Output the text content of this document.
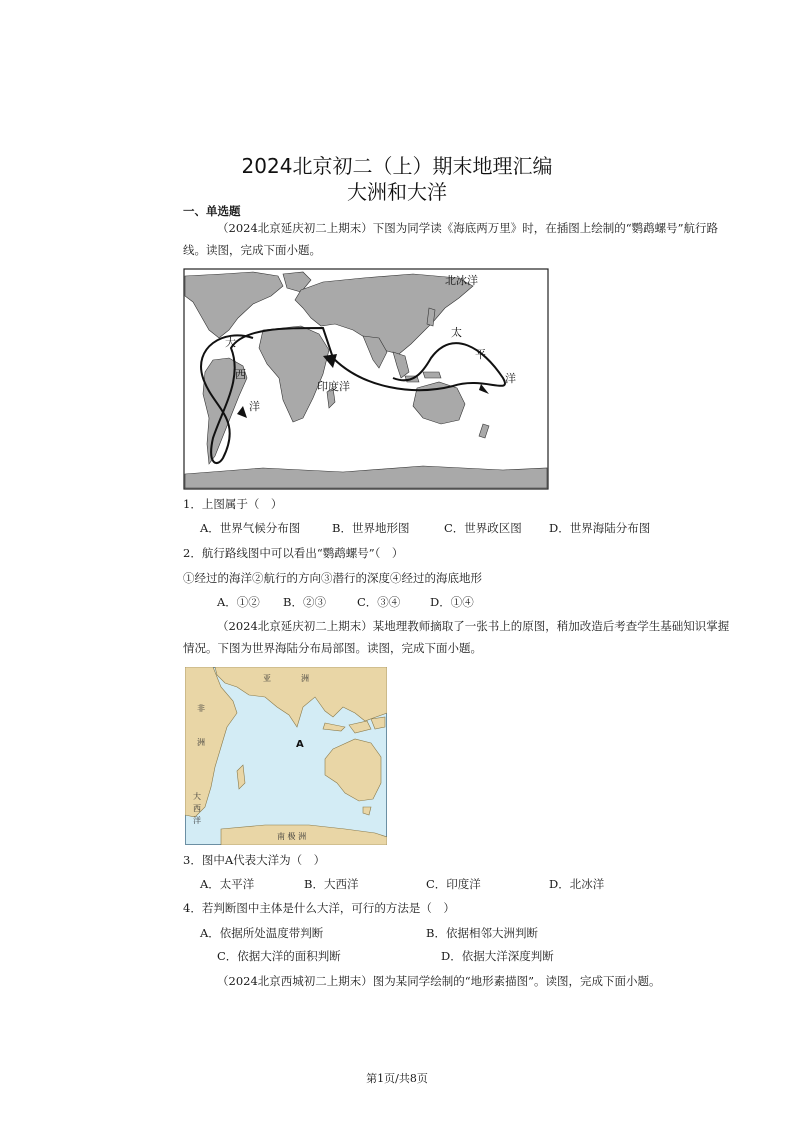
2024北京初二（上）期末地理汇编
大洲和大洋
一、单选题
（2024北京延庆初二上期末）下图为同学读《海底两万里》时，在插图上绘制的“鹦鹉螺号”航行路
线。读图，完成下面小题。
北冰洋
大
西
洋
太
平
洋
印度洋
1．上图属于（　）
A．世界气候分布图	B．世界地形图	C．世界政区图 D．世界海陆分布图
2．航行路线图中可以看出“鹦鹉螺号”（　）
①经过的海洋②航行的方向③潜行的深度④经过的海底地形
A．①② B．②③	C．③④	D．①④
（2024北京延庆初二上期末）某地理教师摘取了一张书上的原图，稍加改造后考查学生基础知识掌握
情况。下图为世界海陆分布局部图。读图，完成下面小题。
亚	洲
非
洲
大
西
洋
南 极 洲
A
3．图中A代表大洋为（　）
A．太平洋	B．大西洋	C．印度洋	D．北冰洋
4．若判断图中主体是什么大洋，可行的方法是（　）
A．依据所处温度带判断	B．依据相邻大洲判断
C．依据大洋的面积判断	D．依据大洋深度判断
（2024北京西城初二上期末）图为某同学绘制的“地形素描图”。读图，完成下面小题。
第1页/共8页
